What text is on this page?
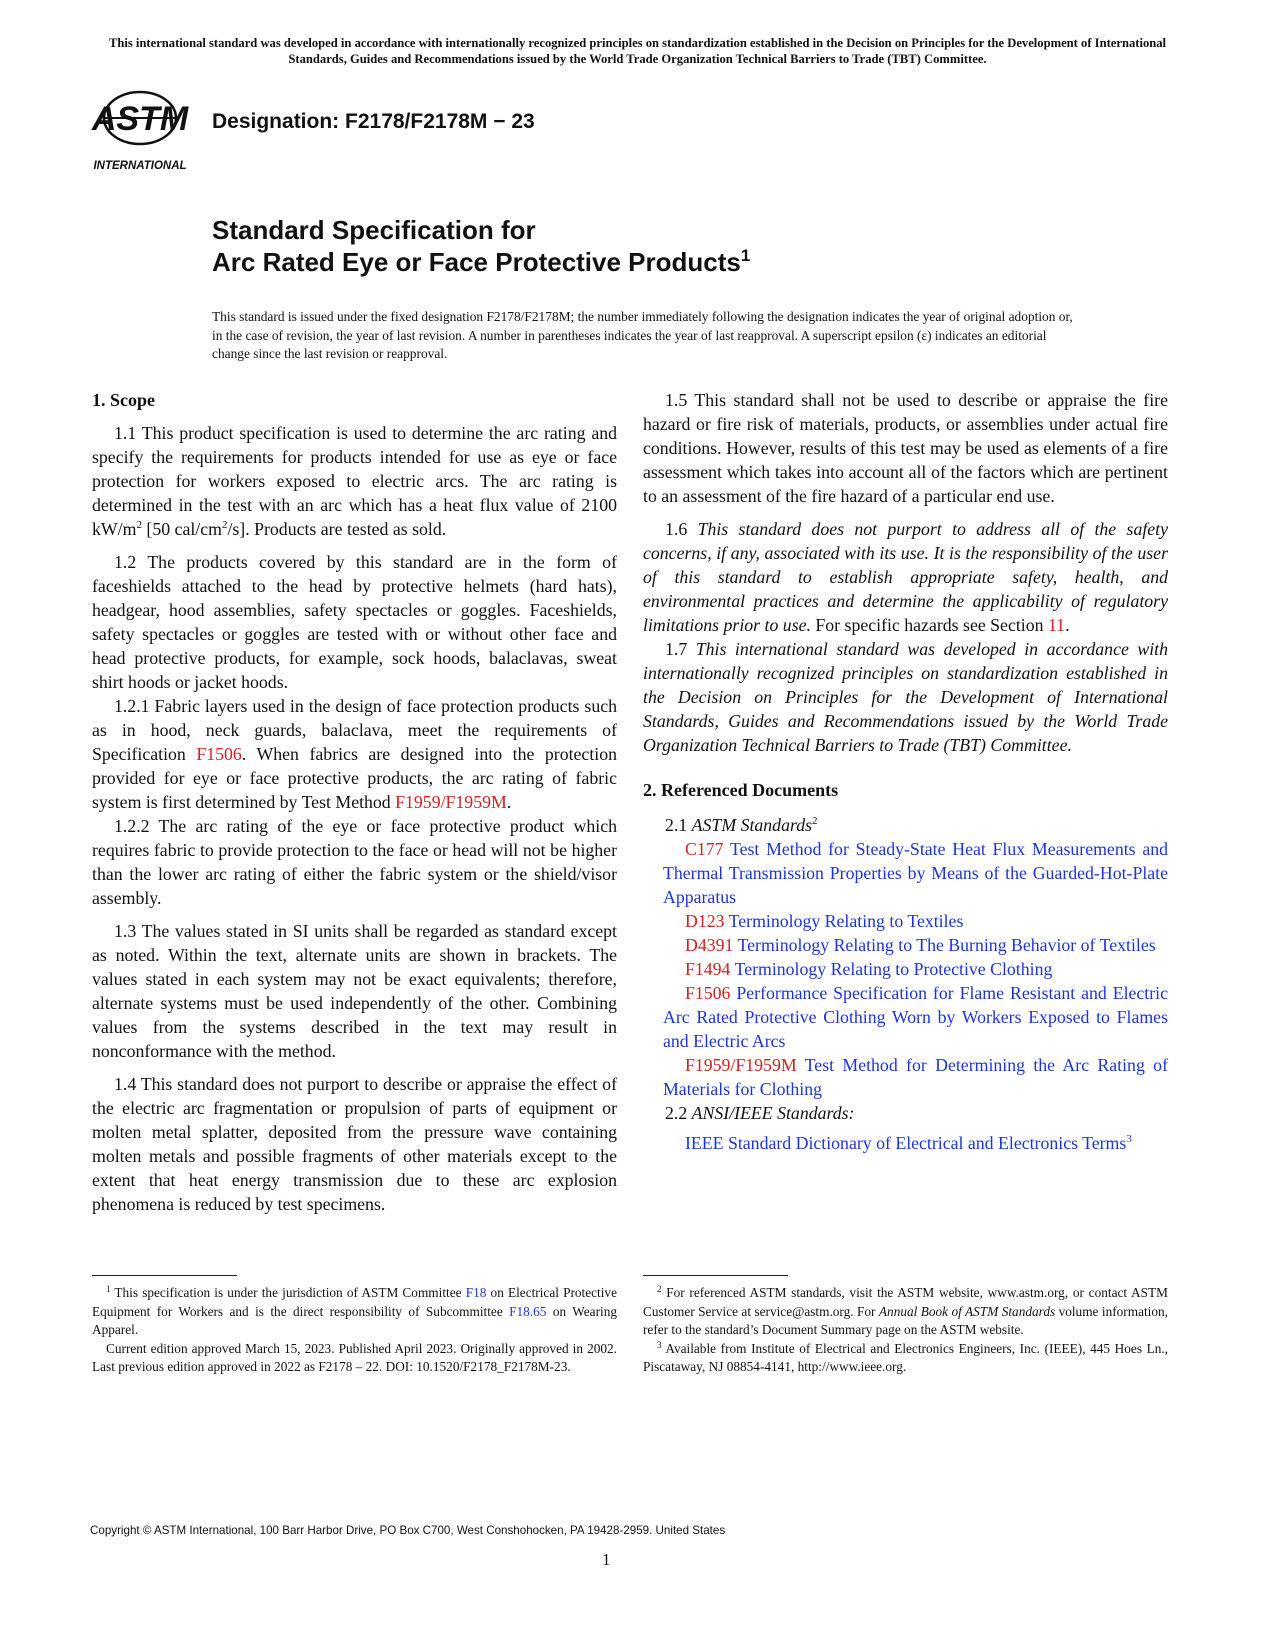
This international standard was developed in accordance with internationally recognized principles on standardization established in the Decision on Principles for the Development of International Standards, Guides and Recommendations issued by the World Trade Organization Technical Barriers to Trade (TBT) Committee.
ASTM
INTERNATIONAL
Designation: F2178/F2178M − 23
Standard Specification for
Arc Rated Eye or Face Protective Products$^1$
This standard is issued under the fixed designation F2178/F2178M; the number immediately following the designation indicates the year of original adoption or, in the case of revision, the year of last revision. A number in parentheses indicates the year of last reapproval. A superscript epsilon (ε) indicates an editorial change since the last revision or reapproval.
1. Scope

1.1 This product specification is used to determine the arc rating and specify the requirements for products intended for use as eye or face protection for workers exposed to electric arcs. The arc rating is determined in the test with an arc which has a heat flux value of 2100 $kW/m^2$ [50 cal/$cm^2/s$]. Products are tested as sold.

1.2 The products covered by this standard are in the form of faceshields attached to the head by protective helmets (hard hats), headgear, hood assemblies, safety spectacles or goggles. Faceshields, safety spectacles or goggles are tested with or without other face and head protective products, for example, sock hoods, balaclavas, sweat shirt hoods or jacket hoods.

1.2.1 Fabric layers used in the design of face protection products such as in hood, neck guards, balaclava, meet the requirements of Specification F1506. When fabrics are designed into the protection provided for eye or face protective products, the arc rating of fabric system is first determined by Test Method F1959/F1959M.

1.2.2 The arc rating of the eye or face protective product which requires fabric to provide protection to the face or head will not be higher than the lower arc rating of either the fabric system or the shield/visor assembly.

1.3 The values stated in SI units shall be regarded as standard except as noted. Within the text, alternate units are shown in brackets. The values stated in each system may not be exact equivalents; therefore, alternate systems must be used independently of the other. Combining values from the systems described in the text may result in nonconformance with the method.

1.4 This standard does not purport to describe or appraise the effect of the electric arc fragmentation or propulsion of parts of equipment or molten metal splatter, deposited from the pressure wave containing molten metals and possible fragments of other materials except to the extent that heat energy transmission due to these arc explosion phenomena is reduced by test specimens.

1.5 This standard shall not be used to describe or appraise the fire hazard or fire risk of materials, products, or assemblies under actual fire conditions. However, results of this test may be used as elements of a fire assessment which takes into account all of the factors which are pertinent to an assessment of the fire hazard of a particular end use.

1.6 This standard does not purport to address all of the safety concerns, if any, associated with its use. It is the responsibility of the user of this standard to establish appropriate safety, health, and environmental practices and determine the applicability of regulatory limitations prior to use. For specific hazards see Section 11.

1.7 This international standard was developed in accordance with internationally recognized principles on standardization established in the Decision on Principles for the Development of International Standards, Guides and Recommendations issued by the World Trade Organization Technical Barriers to Trade (TBT) Committee.

2. Referenced Documents

2.1 ASTM Standards$^2$

C177 Test Method for Steady-State Heat Flux Measurements and Thermal Transmission Properties by Means of the Guarded-Hot-Plate Apparatus

D123 Terminology Relating to Textiles

D4391 Terminology Relating to The Burning Behavior of Textiles

F1494 Terminology Relating to Protective Clothing

F1506 Performance Specification for Flame Resistant and Electric Arc Rated Protective Clothing Worn by Workers Exposed to Flames and Electric Arcs

F1959/F1959M Test Method for Determining the Arc Rating of Materials for Clothing

2.2 ANSI/IEEE Standards:

IEEE Standard Dictionary of Electrical and Electronics Terms$^3$

$^1$ This specification is under the jurisdiction of ASTM Committee F18 on Electrical Protective Equipment for Workers and is the direct responsibility of Subcommittee F18.65 on Wearing Apparel.

Current edition approved March 15, 2023. Published April 2023. Originally approved in 2002. Last previous edition approved in 2022 as F2178 – 22. DOI: 10.1520/F2178_F2178M-23.

$^2$ For referenced ASTM standards, visit the ASTM website, www.astm.org, or contact ASTM Customer Service at service@astm.org. For Annual Book of ASTM Standards volume information, refer to the standard’s Document Summary page on the ASTM website.

$^3$ Available from Institute of Electrical and Electronics Engineers, Inc. (IEEE), 445 Hoes Ln., Piscataway, NJ 08854-4141, http://www.ieee.org.

Copyright © ASTM International, 100 Barr Harbor Drive, PO Box C700, West Conshohocken, PA 19428-2959. United States
1
